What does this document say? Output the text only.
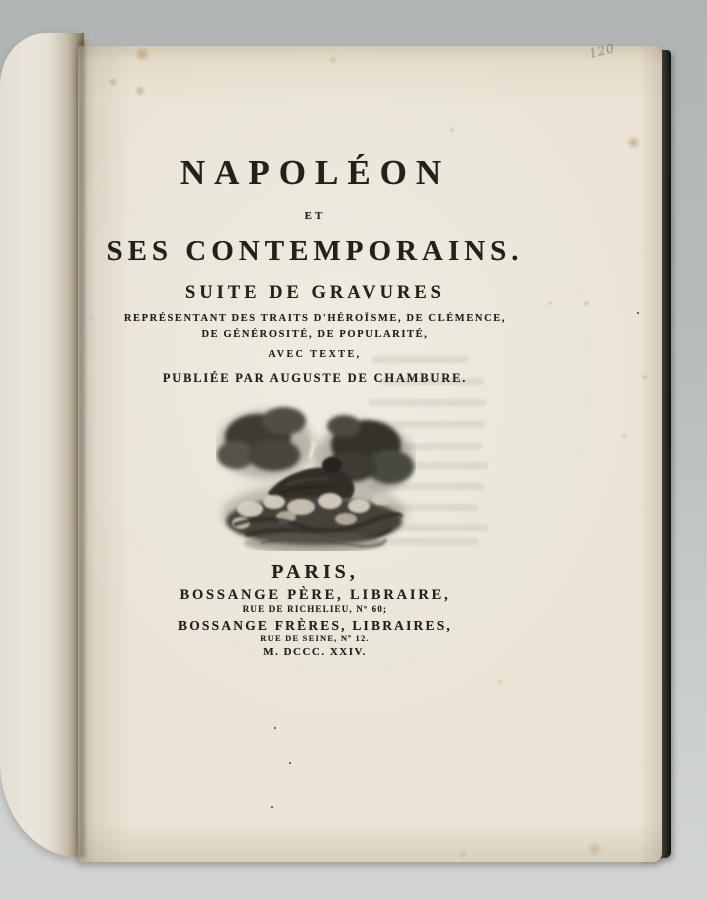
120
NAPOLÉON
ET
SES CONTEMPORAINS.
SUITE DE GRAVURES
REPRÉSENTANT DES TRAITS D'HÉROÏSME, DE CLÉMENCE,
DE GÉNÉROSITÉ, DE POPULARITÉ,
AVEC TEXTE,
PUBLIÉE PAR AUGUSTE DE CHAMBURE.
PARIS,
BOSSANGE PÈRE, LIBRAIRE,
RUE DE RICHELIEU, Nº 60;
BOSSANGE FRÈRES, LIBRAIRES,
RUE DE SEINE, Nº 12.
M. DCCC. XXIV.
